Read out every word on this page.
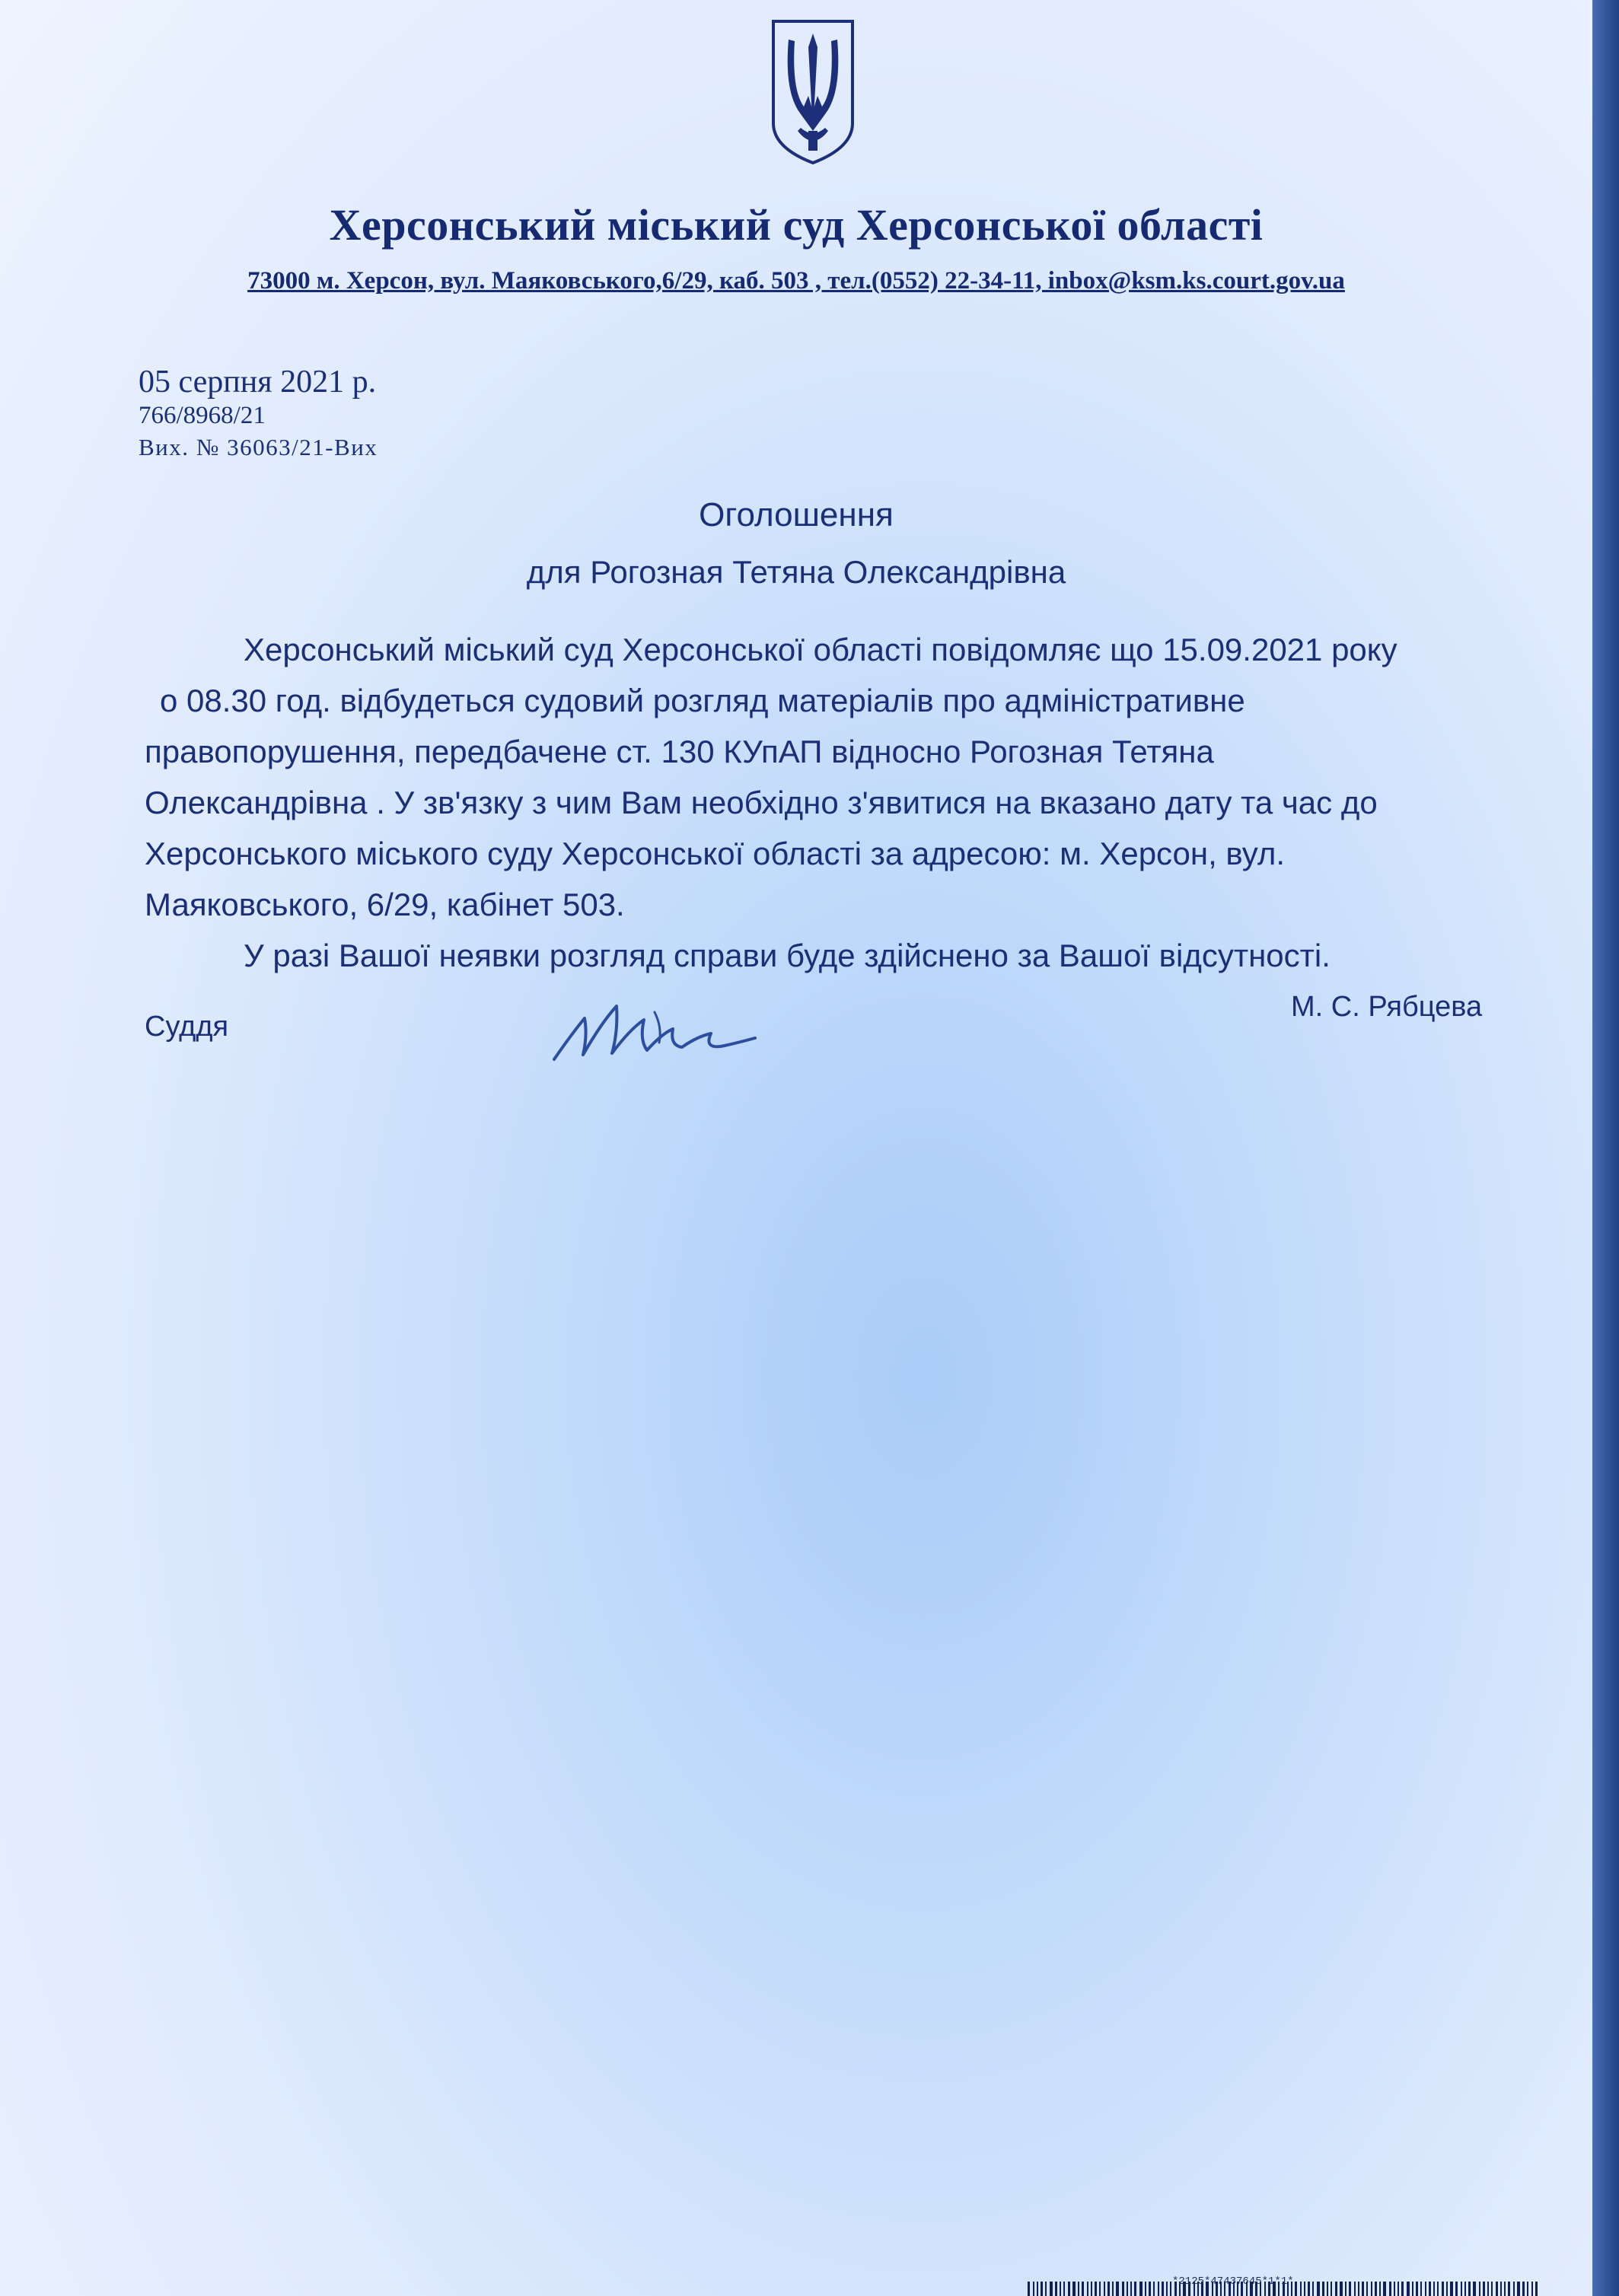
Херсонський міський суд Херсонської області
73000 м. Херсон, вул. Маяковського,6/29, каб. 503 , тел.(0552) 22-34-11, inbox@ksm.ks.court.gov.ua
05 серпня 2021 р.
766/8968/21
Вих. № 36063/21-Вих
Оголошення
для Рогозная Тетяна Олександрівна
Херсонський міський суд Херсонської області повідомляє що 15.09.2021 року
о 08.30 год. відбудеться судовий розгляд матеріалів про адміністративне
правопорушення, передбачене ст. 130 КУпАП відносно Рогозная Тетяна
Олександрівна . У зв'язку з чим Вам необхідно з'явитися на вказано дату та час до
Херсонського міського суду Херсонської області за адресою: м. Херсон, вул.
Маяковського, 6/29, кабінет 503.
У разі Вашої неявки розгляд справи буде здійснено за Вашої відсутності.
Суддя
М. С. Рябцева
*2125*47437645*1*1*
